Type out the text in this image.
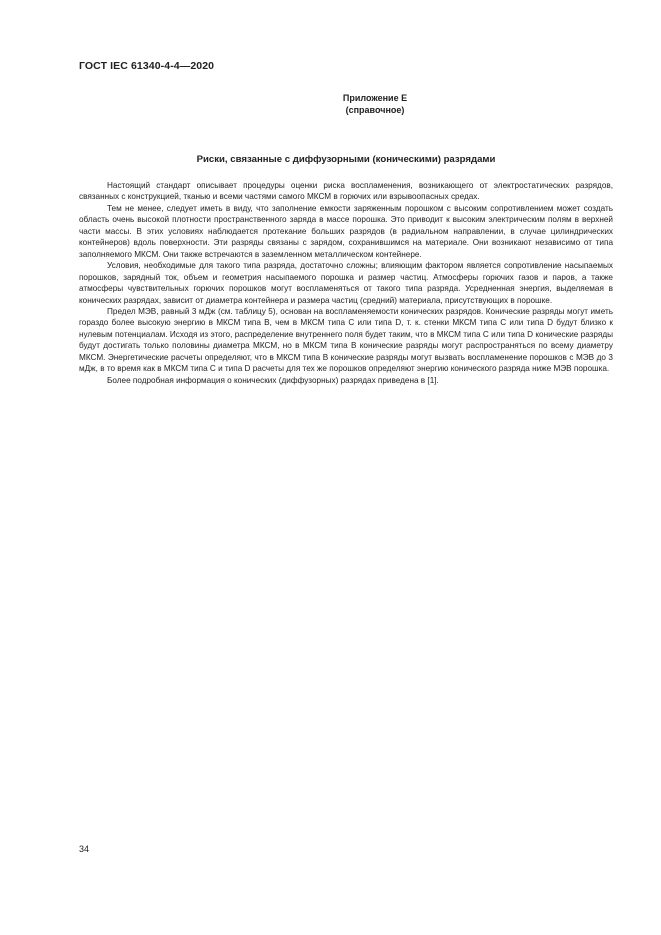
ГОСТ IEC 61340-4-4—2020
Приложение Е
(справочное)
Риски, связанные с диффузорными (коническими) разрядами

Настоящий стандарт описывает процедуры оценки риска воспламенения, возникающего от электростатических разрядов, связанных с конструкцией, тканью и всеми частями самого МКСМ в горючих или взрывоопасных средах.

Тем не менее, следует иметь в виду, что заполнение емкости заряженным порошком с высоким сопротивлением может создать область очень высокой плотности пространственного заряда в массе порошка. Это приводит к высоким электрическим полям в верхней части массы. В этих условиях наблюдается протекание больших разрядов (в радиальном направлении, в случае цилиндрических контейнеров) вдоль поверхности. Эти разряды связаны с зарядом, сохранившимся на материале. Они возникают независимо от типа заполняемого МКСМ. Они также встречаются в заземленном металлическом контейнере.

Условия, необходимые для такого типа разряда, достаточно сложны; влияющим фактором является сопротивление насыпаемых порошков, зарядный ток, объем и геометрия насыпаемого порошка и размер частиц. Атмосферы горючих газов и паров, а также атмосферы чувствительных горючих порошков могут воспламеняться от такого типа разряда. Усредненная энергия, выделяемая в конических разрядах, зависит от диаметра контейнера и размера частиц (средний) материала, присутствующих в порошке.

Предел МЭВ, равный 3 мДж (см. таблицу 5), основан на воспламеняемости конических разрядов. Конические разряды могут иметь гораздо более высокую энергию в МКСМ типа B, чем в МКСМ типа C или типа D, т. к. стенки МКСМ типа C или типа D будут близко к нулевым потенциалам. Исходя из этого, распределение внутреннего поля будет таким, что в МКСМ типа C или типа D конические разряды будут достигать только половины диаметра МКСМ, но в МКСМ типа B конические разряды могут распространяться по всему диаметру МКСМ. Энергетические расчеты определяют, что в МКСМ типа B конические разряды могут вызвать воспламенение порошков с МЭВ до 3 мДж, в то время как в МКСМ типа C и типа D расчеты для тех же порошков определяют энергию конического разряда ниже МЭВ порошка.

Более подробная информация о конических (диффузорных) разрядах приведена в [1].

34
